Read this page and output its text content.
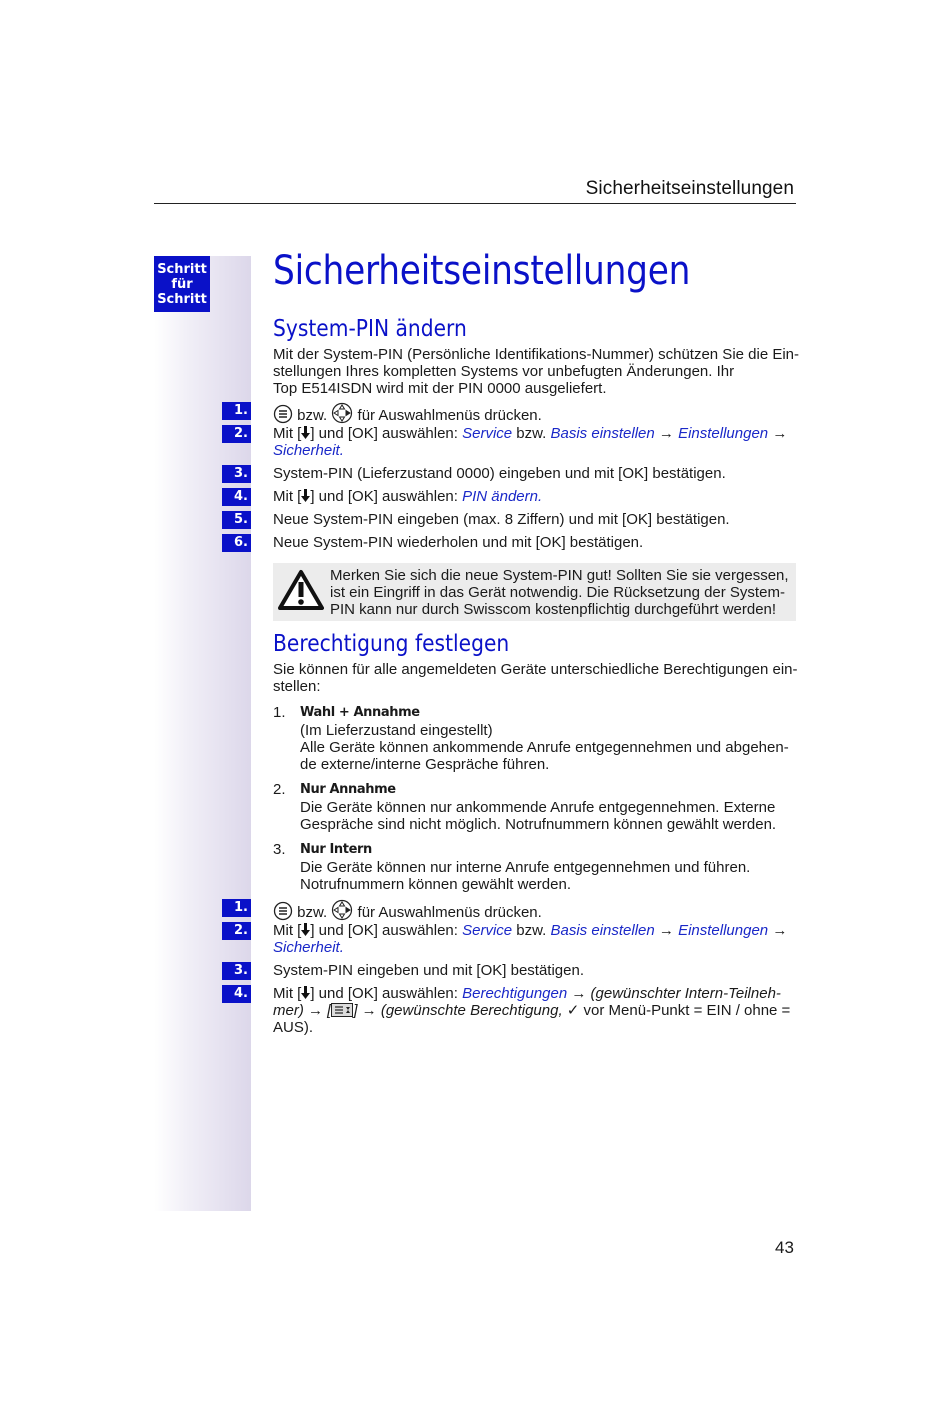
Sicherheitseinstellungen
Schritt
für
Schritt
Sicherheitseinstellungen
System-PIN ändern
Mit der System-PIN (Persönliche Identifikations-Nummer) schützen Sie die Ein-
stellungen Ihres kompletten Systems vor unbefugten Änderungen. Ihr
Top E514ISDN wird mit der PIN 0000 ausgeliefert.
1.	bzw. für Auswahlmenüs drücken.
2. Mit [ ] und [OK] auswählen: Service bzw. Basis einstellen → Einstellungen →
Sicherheit.
3. System-PIN (Lieferzustand 0000) eingeben und mit [OK] bestätigen.
4. Mit [ ] und [OK] auswählen: PIN ändern.
5. Neue System-PIN eingeben (max. 8 Ziffern) und mit [OK] bestätigen.
6. Neue System-PIN wiederholen und mit [OK] bestätigen.
Merken Sie sich die neue System-PIN gut! Sollten Sie sie vergessen,
ist ein Eingriff in das Gerät notwendig. Die Rücksetzung der System-
PIN kann nur durch Swisscom kostenpflichtig durchgeführt werden!
Berechtigung festlegen
Sie können für alle angemeldeten Geräte unterschiedliche Berechtigungen ein-
stellen:
1. Wahl + Annahme
(Im Lieferzustand eingestellt)
Alle Geräte können ankommende Anrufe entgegennehmen und abgehen-
de externe/interne Gespräche führen.
2. Nur Annahme
Die Geräte können nur ankommende Anrufe entgegennehmen. Externe
Gespräche sind nicht möglich. Notrufnummern können gewählt werden.
3. Nur Intern
Die Geräte können nur interne Anrufe entgegennehmen und führen.
Notrufnummern können gewählt werden.
1.	bzw. für Auswahlmenüs drücken.
2. Mit [ ] und [OK] auswählen: Service bzw. Basis einstellen → Einstellungen →
Sicherheit.
3. System-PIN eingeben und mit [OK] bestätigen.
4. Mit [ ] und [OK] auswählen: Berechtigungen → (gewünschter Intern-Teilneh-
mer) → [ ] → (gewünschte Berechtigung, ✓ vor Menü-Punkt = EIN / ohne =
AUS).
43
